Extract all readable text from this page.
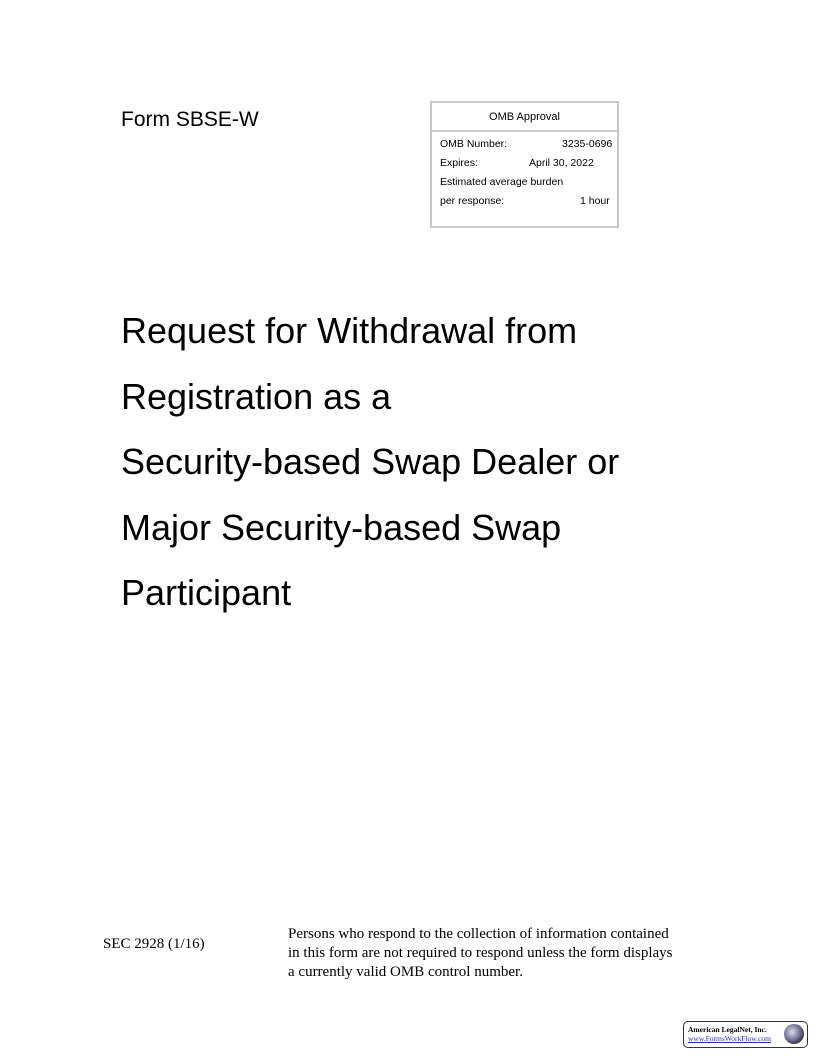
Form SBSE-W	OMB Approval
OMB Number:	3235-0696
Expires:	April 30, 2022
Estimated average burden
per response:	1 hour
Request for Withdrawal from
Registration as a
Security-based Swap Dealer or
Major Security-based Swap
Participant
SEC 2928 (1/16)
Persons who respond to the collection of information contained
in this form are not required to respond unless the form displays
a currently valid OMB control number.
American LegalNet, Inc.
www.FormsWorkFlow.com
